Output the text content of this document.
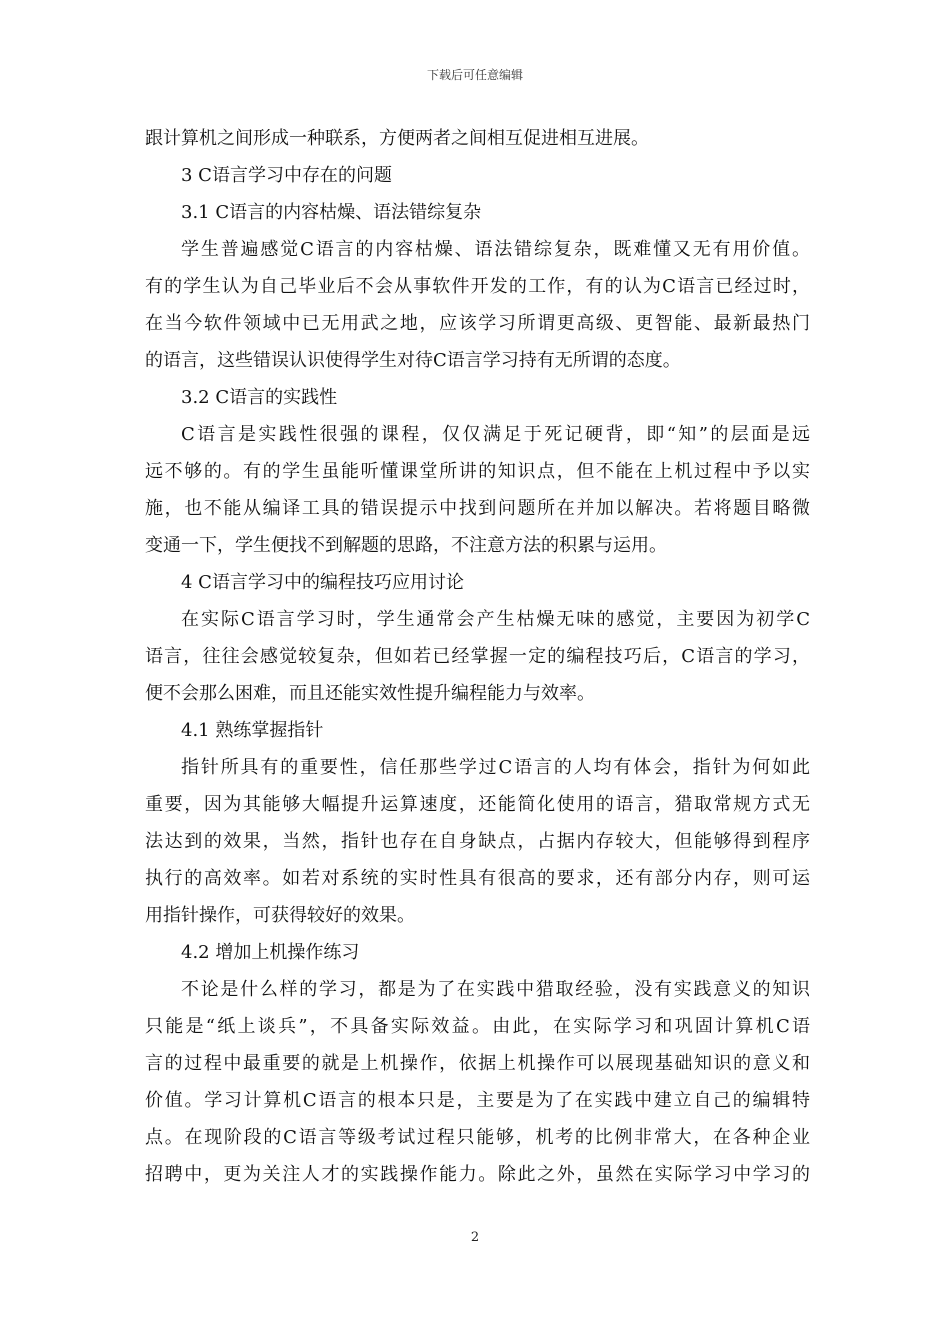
下载后可任意编辑
跟计算机之间形成一种联系，方便两者之间相互促进相互进展。
3 C语言学习中存在的问题
3.1 C语言的内容枯燥、语法错综复杂
学生普遍感觉C语言的内容枯燥、语法错综复杂，既难懂又无有用价值。
有的学生认为自己毕业后不会从事软件开发的工作，有的认为C语言已经过时，
在当今软件领域中已无用武之地，应该学习所谓更高级、更智能、最新最热门
的语言，这些错误认识使得学生对待C语言学习持有无所谓的态度。
3.2 C语言的实践性
C语言是实践性很强的课程，仅仅满足于死记硬背，即“知”的层面是远
远不够的。有的学生虽能听懂课堂所讲的知识点，但不能在上机过程中予以实
施，也不能从编译工具的错误提示中找到问题所在并加以解决。若将题目略微
变通一下，学生便找不到解题的思路，不注意方法的积累与运用。
4 C语言学习中的编程技巧应用讨论
在实际C语言学习时，学生通常会产生枯燥无味的感觉，主要因为初学C
语言，往往会感觉较复杂，但如若已经掌握一定的编程技巧后，C语言的学习，
便不会那么困难，而且还能实效性提升编程能力与效率。
4.1 熟练掌握指针
指针所具有的重要性，信任那些学过C语言的人均有体会，指针为何如此
重要，因为其能够大幅提升运算速度，还能简化使用的语言，猎取常规方式无
法达到的效果，当然，指针也存在自身缺点，占据内存较大，但能够得到程序
执行的高效率。如若对系统的实时性具有很高的要求，还有部分内存，则可运
用指针操作，可获得较好的效果。
4.2 增加上机操作练习
不论是什么样的学习，都是为了在实践中猎取经验，没有实践意义的知识
只能是“纸上谈兵”，不具备实际效益。由此，在实际学习和巩固计算机C语
言的过程中最重要的就是上机操作，依据上机操作可以展现基础知识的意义和
价值。学习计算机C语言的根本只是，主要是为了在实践中建立自己的编辑特
点。在现阶段的C语言等级考试过程只能够，机考的比例非常大，在各种企业
招聘中，更为关注人才的实践操作能力。除此之外，虽然在实际学习中学习的
2
